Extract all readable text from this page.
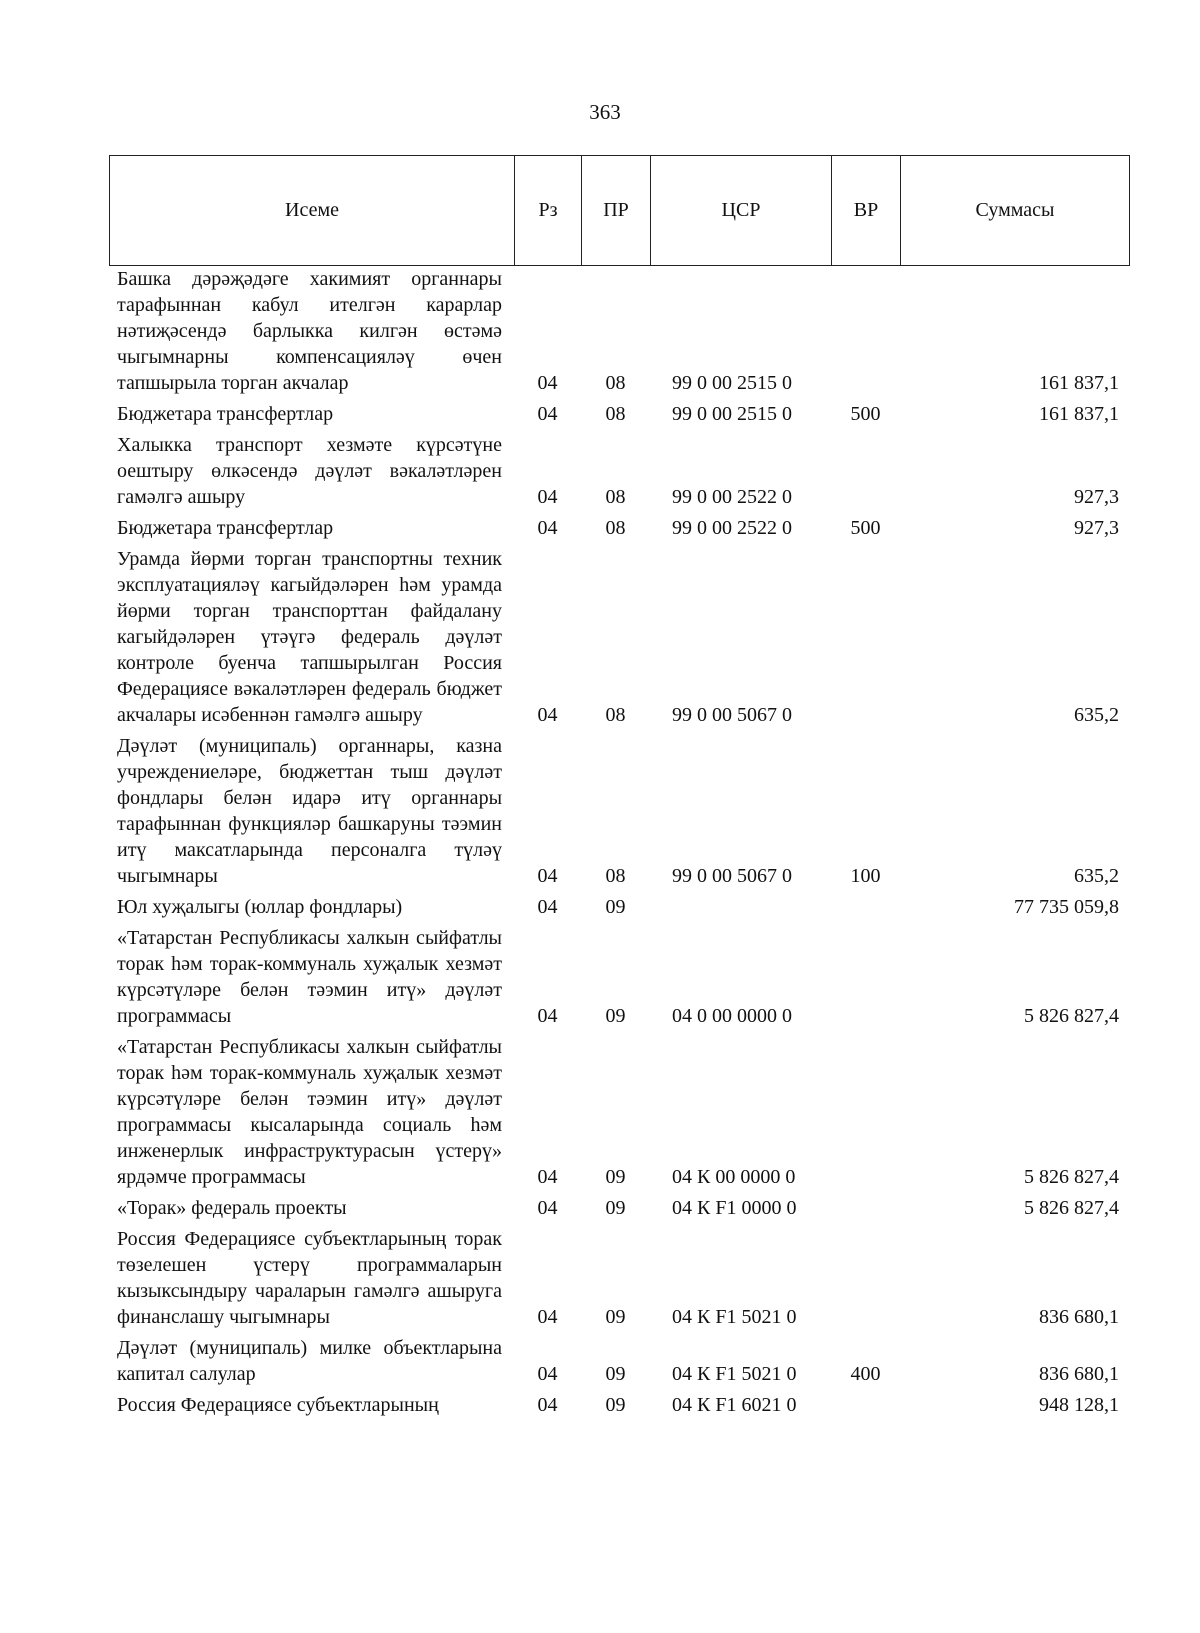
363
Исеме	Рз	ПР	ЦСР	ВР	Суммасы
Башка дәрәҗәдәге хакимият органнары тарафыннан кабул ителгән карарлар нәтиҗәсендә барлыкка килгән өстәмә чыгымнарны компенсацияләү өчен тапшырыла торган акчалар	04	08	99 0 00 2515 0		161 837,1
Бюджетара трансфертлар	04	08	99 0 00 2515 0	500	161 837,1
Халыкка транспорт хезмәте күрсәтүне оештыру өлкәсендә дәүләт вәкаләтләрен гамәлгә ашыру	04	08	99 0 00 2522 0		927,3
Бюджетара трансфертлар	04	08	99 0 00 2522 0	500	927,3
Урамда йөрми торган транспортны техник эксплуатацияләү кагыйдәләрен һәм урамда йөрми торган транспорттан файдалану кагыйдәләрен үтәүгә федераль дәүләт контроле буенча тапшырылган Россия Федерациясе вәкаләтләрен федераль бюджет акчалары исәбеннән гамәлгә ашыру	04	08	99 0 00 5067 0		635,2
Дәүләт (муниципаль) органнары, казна учреждениеләре, бюджеттан тыш дәүләт фондлары белән идарә итү органнары тарафыннан функцияләр башкаруны тәэмин итү максатларында персоналга түләү чыгымнары	04	08	99 0 00 5067 0	100	635,2
Юл хуҗалыгы (юллар фондлары)	04	09			77 735 059,8
«Татарстан Республикасы халкын сыйфатлы торак һәм торак-коммуналь хуҗалык хезмәт күрсәтүләре белән тәэмин итү» дәүләт программасы	04	09	04 0 00 0000 0		5 826 827,4
«Татарстан Республикасы халкын сыйфатлы торак һәм торак-коммуналь хуҗалык хезмәт күрсәтүләре белән тәэмин итү» дәүләт программасы кысаларында социаль һәм инженерлык инфраструктурасын үстерү» ярдәмче программасы	04	09	04 К 00 0000 0		5 826 827,4
«Торак» федераль проекты	04	09	04 К F1 0000 0		5 826 827,4
Россия Федерациясе субъектларының торак төзелешен үстерү программаларын кызыксындыру чараларын гамәлгә ашыруга финанслашу чыгымнары	04	09	04 К F1 5021 0		836 680,1
Дәүләт (муниципаль) милке объектларына капитал салулар	04	09	04 К F1 5021 0	400	836 680,1
Россия Федерациясе субъектларының	04	09	04 К F1 6021 0		948 128,1
